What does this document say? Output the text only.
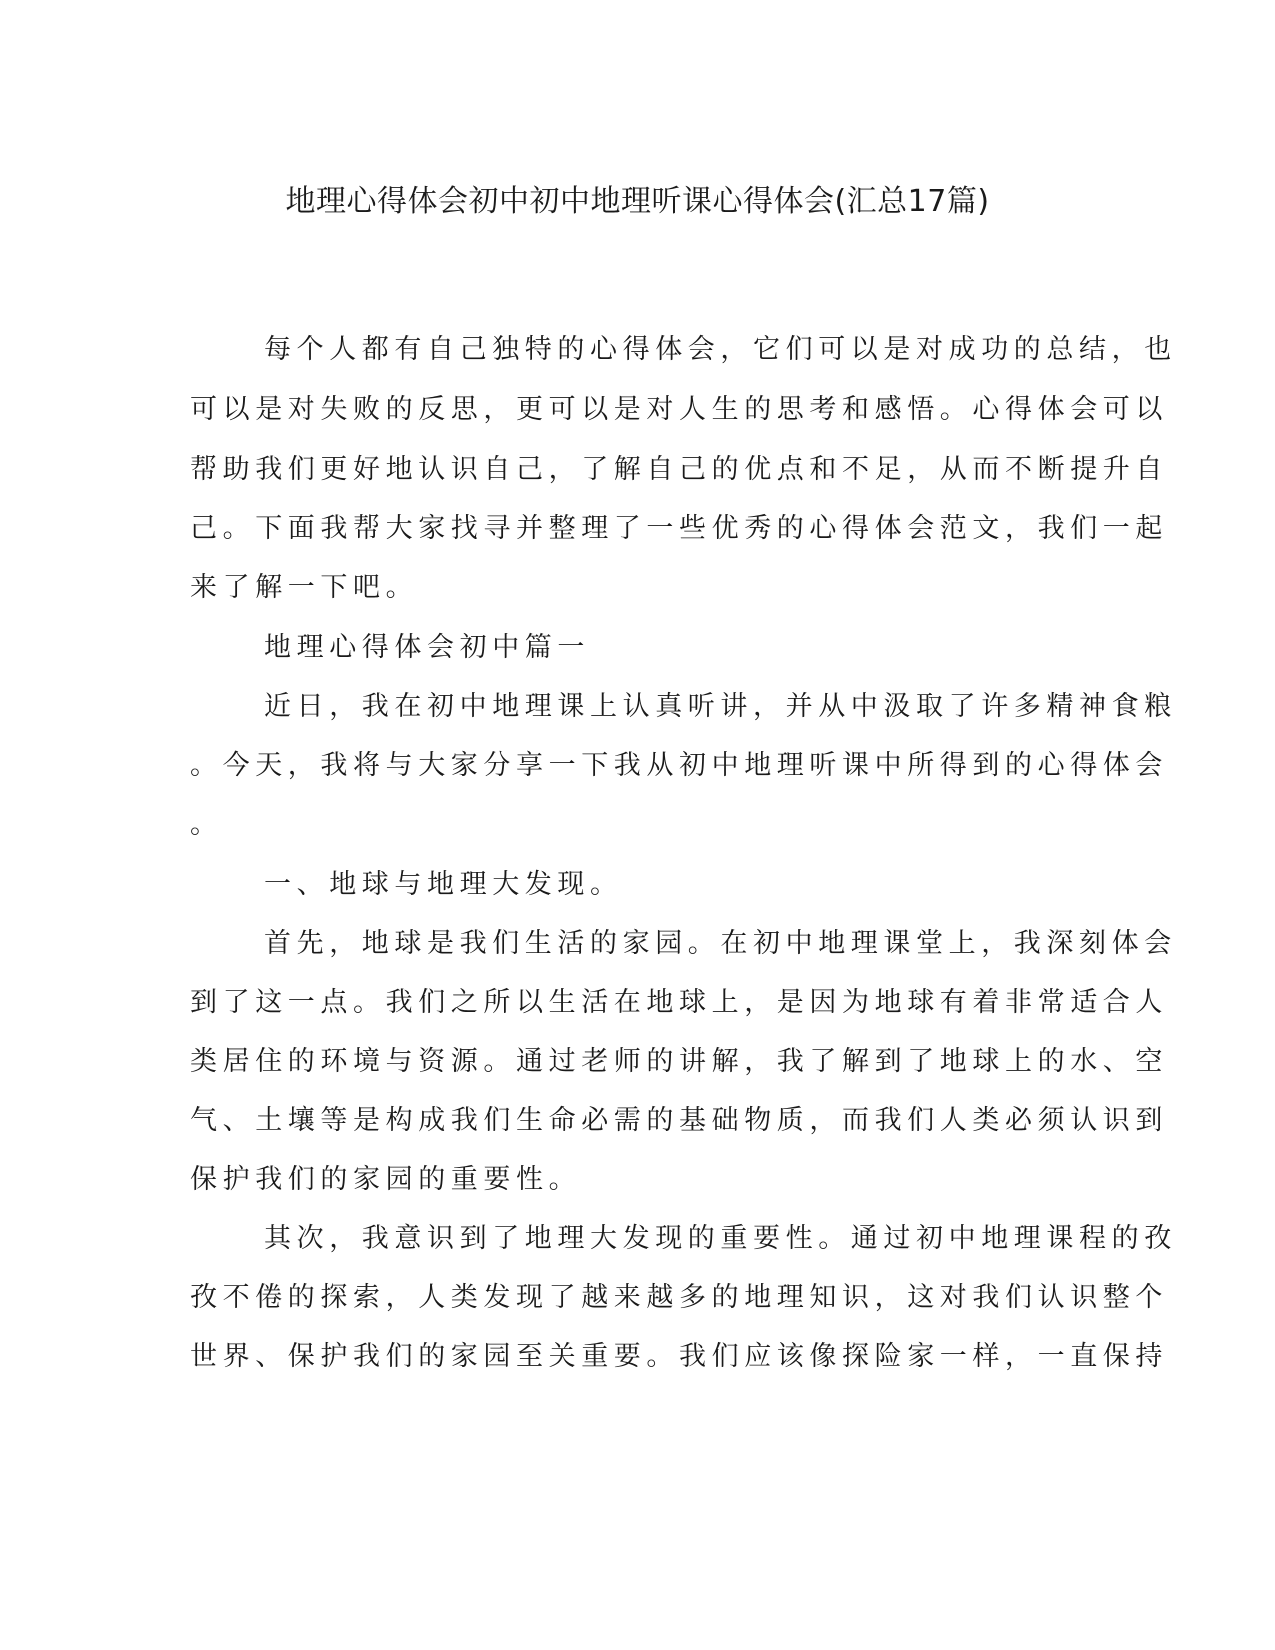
地理心得体会初中初中地理听课心得体会(汇总17篇)

每个人都有自己独特的心得体会，它们可以是对成功的总结，也

可以是对失败的反思，更可以是对人生的思考和感悟。心得体会可以

帮助我们更好地认识自己，了解自己的优点和不足，从而不断提升自

己。下面我帮大家找寻并整理了一些优秀的心得体会范文，我们一起

来了解一下吧。

地理心得体会初中篇一

近日，我在初中地理课上认真听讲，并从中汲取了许多精神食粮

。今天，我将与大家分享一下我从初中地理听课中所得到的心得体会

。

一、地球与地理大发现。

首先，地球是我们生活的家园。在初中地理课堂上，我深刻体会

到了这一点。我们之所以生活在地球上，是因为地球有着非常适合人

类居住的环境与资源。通过老师的讲解，我了解到了地球上的水、空

气、土壤等是构成我们生命必需的基础物质，而我们人类必须认识到

保护我们的家园的重要性。

其次，我意识到了地理大发现的重要性。通过初中地理课程的孜

孜不倦的探索，人类发现了越来越多的地理知识，这对我们认识整个

世界、保护我们的家园至关重要。我们应该像探险家一样，一直保持
